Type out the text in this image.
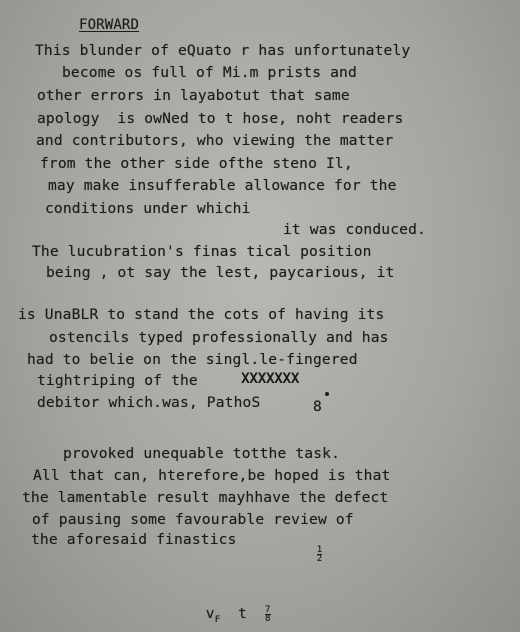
FORWARD
This blunder of eQuato r has unfortunately
become os full of Mi.m prists and
other errors in layabotut that same
apology  is owNed to t hose, noht readers
and contributors, who viewing the matter
from the other side ofthe steno Il,
may make insufferable allowance for the
conditions under whichi
it was conduced.
The lucubration's finas tical position
being , ot say the lest, paycarious, it
is UnaBLR to stand the cots of having its
ostencils typed professionally and has
had to belie on the singl.le-fingered
tightriping of the	XXXXXXX
debitor which.was, PathoS	8
provoked unequable totthe task.
All that can, hterefore,be hoped is that
the lamentable result mayhhave the defect
of pausing some favourable review of
the aforesaid finastics

$\frac{1}{2}$

$v_F$ t $\frac{7}{8}$
